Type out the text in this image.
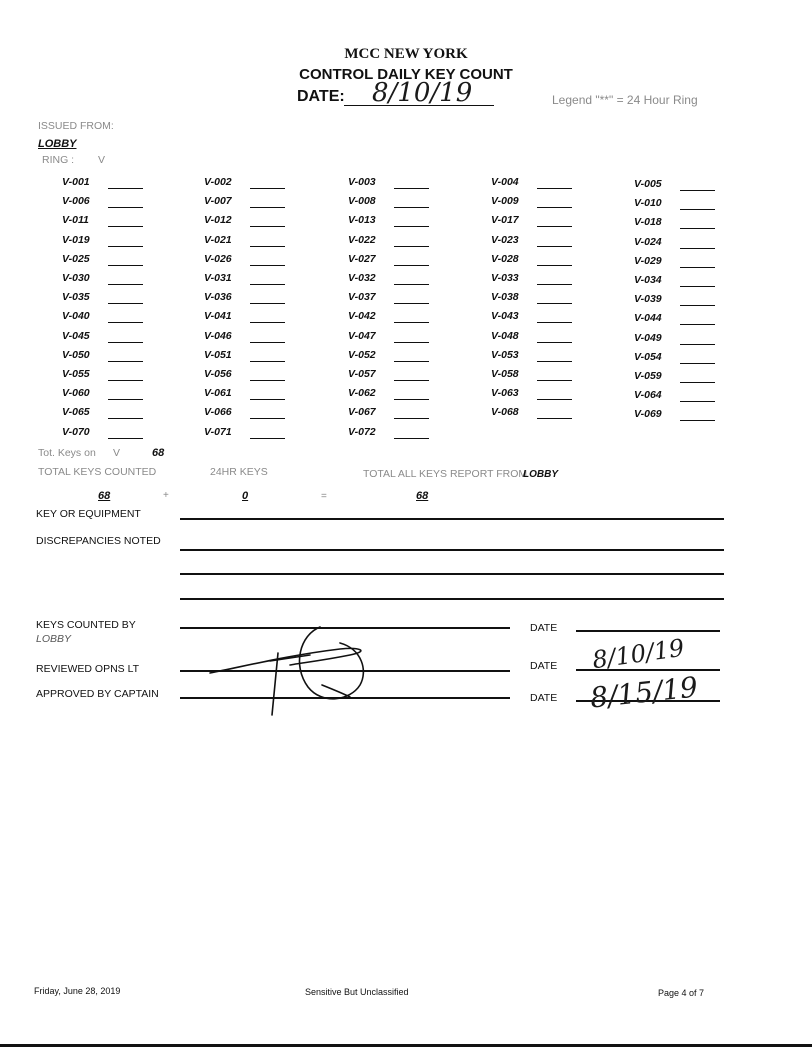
MCC NEW YORK
CONTROL DAILY KEY COUNT
DATE: 8/10/19	Legend "**" = 24 Hour Ring
ISSUED FROM:
LOBBY
RING : V
V-001	V-002	V-003	V-004	V-005
V-006	V-007	V-008	V-009	V-010
V-011	V-012	V-013	V-017	V-018
V-019	V-021	V-022	V-023	V-024
V-025	V-026	V-027	V-028	V-029
V-030	V-031	V-032	V-033	V-034
V-035	V-036	V-037	V-038	V-039
V-040	V-041	V-042	V-043	V-044
V-045	V-046	V-047	V-048	V-049
V-050	V-051	V-052	V-053	V-054
V-055	V-056	V-057	V-058	V-059
V-060	V-061	V-062	V-063	V-064
V-065	V-066	V-067	V-068	V-069
V-070	V-071	V-072
Tot. Keys on V	68
TOTAL KEYS COUNTED	24HR KEYS	TOTAL ALL KEYS REPORT FROM
LOBBY
68	+	0	=	68
KEY OR EQUIPMENT
DISCREPANCIES NOTED
KEYS COUNTED BY
LOBBY
DATE
REVIEWED OPNS LT	DATE 8/10/19
APPROVED BY CAPTAIN	DATE 8/15/19
Friday, June 28, 2019	Sensitive But Unclassified	Page 4 of 7
